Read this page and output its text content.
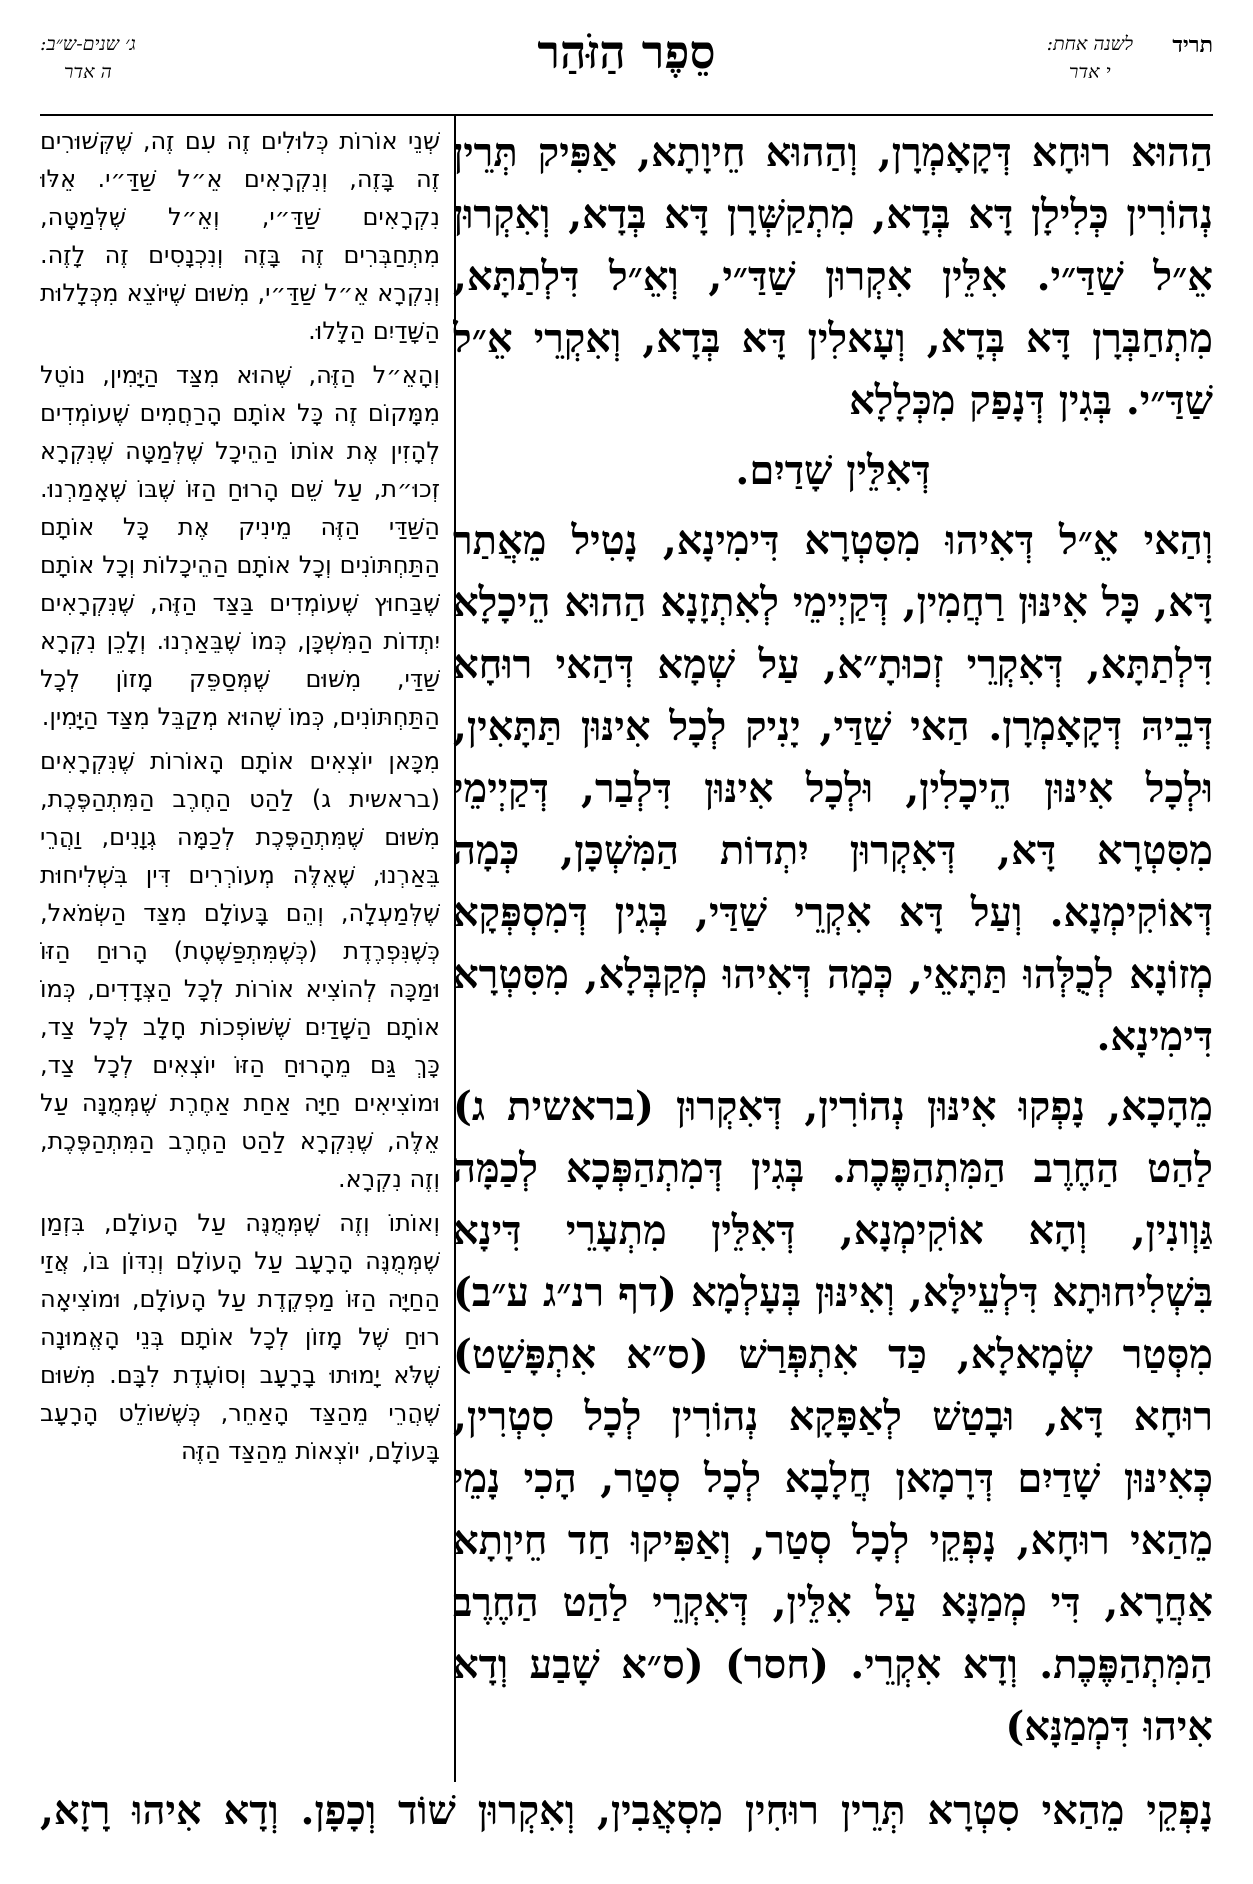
תריד
לשנה אחת:
י אדר
סֵפֶר הַזֹּהַר
ג׳ שנים-ש״ב:
ה אדר

הַהוּא רוּחָא דְּקָאָמְרָן, וְהַהוּא חֵיוָתָא, אַפִּיק תְּרֵין נְהוֹרִין כְּלִילָן דָּא בְּדָא, מִתְקַשְּׁרָן דָּא בְּדָא, וְאִקְרוּן אֵ״ל שַׁדַּ״י. אִלֵּין אִקְרוּן שַׁדַּ״י, וְאֵ״ל דִּלְתַתָּא, מִתְחַבְּרָן דָּא בְּדָא, וְעָאלִין דָּא בְּדָא, וְאִקְרֵי אֵ״ל שַׁדַּ״י. בְּגִין דְּנָפַק מִכְּלָלָא

דְּאִלֵּין שָׁדַיִם.

וְהַאי אֵ״ל דְּאִיהוּ מִסִּטְרָא דִּימִינָא, נָטִיל מֵאֲתַר דָּא, כָּל אִינּוּן רַחֲמִין, דְּקַיְימֵי לְאִתְזָנָא הַהוּא הֵיכָלָא דִּלְתַתָּא, דְּאִקְרֵי זְכוּתָ״א, עַל שְׁמָא דְּהַאי רוּחָא דְּבֵיהּ דְּקָאָמְרָן. הַאי שַׁדַּי, יָנִיק לְכָל אִינּוּן תַּתָּאִין, וּלְכָל אִינּוּן הֵיכָלִין, וּלְכָל אִינּוּן דִּלְבַר, דְּקַיְימֵי מִסִּטְרָא דָּא, דְּאִקְרוּן יִתְדוֹת הַמִּשְׁכָּן, כְּמָה דְּאוֹקִימְנָא. וְעַל דָּא אִקְרֵי שַׁדַּי, בְּגִין דְּמִסְפְּקָא מְזוֹנָא לְכֻלְּהוּ תַּתָּאֵי, כְּמָה דְּאִיהוּ מְקַבְּלָא, מִסִּטְרָא דִּימִינָא.

מֵהָכָא, נָפְקוּ אִינּוּן נְהוֹרִין, דְּאִקְרוּן (בראשית ג) לַהַט הַחֶרֶב הַמִּתְהַפֶּכֶת. בְּגִין דְּמִתְהַפְּכָא לְכַמָּה גַּוְונִין, וְהָא אוֹקִימְנָא, דְּאִלֵּין מִתְעָרֵי דִּינָא בִּשְׁלִיחוּתָא דִּלְעֵילָּא, וְאִינּוּן בְּעָלְמָא (דף רנ״ג ע״ב) מִסְּטַר שְׂמָאלָא, כַּד אִתְפְּרַשׁ (ס״א אִתְפָּשַׁט) רוּחָא דָּא, וּבָטַשׁ לְאַפָּקָא נְהוֹרִין לְכָל סִטְרִין, כְּאִינּוּן שָׁדַיִם דְּרָמָאן חֲלָבָא לְכָל סְטַר, הָכִי נָמֵי מֵהַאי רוּחָא, נָפְקֵי לְכָל סְטַר, וְאַפִּיקוּ חַד חֵיוָתָא אַחֲרָא, דִּי מְמַנָּא עַל אִלֵּין, דְּאִקְרֵי לַהַט הַחֶרֶב הַמִּתְהַפֶּכֶת. וְדָא אִקְרֵי. (חסר) (ס״א שָׁבַע וְדָא אִיהוּ דִּמְמַנָּא)

שְׁנֵי אוֹרוֹת כְּלוּלִים זֶה עִם זֶה, שֶׁקְּשׁוּרִים זֶה בָּזֶה, וְנִקְרָאִים אֵ״ל שַׁדַּ״י. אֵלּוּ נִקְרָאִים שַׁדַּ״י, וְאֵ״ל שֶׁלְּמַטָּה, מִתְחַבְּרִים זֶה בָּזֶה וְנִכְנָסִים זֶה לָזֶה. וְנִקְרָא אֵ״ל שַׁדַּ״י, מִשּׁוּם שֶׁיּוֹצֵא מִכְּלָלוּת הַשָּׁדַיִם הַלָּלוּ.

וְהָאֵ״ל הַזֶּה, שֶׁהוּא מִצַּד הַיָּמִין, נוֹטֵל מִמָּקוֹם זֶה כָּל אוֹתָם הָרַחֲמִים שֶׁעוֹמְדִים לְהָזִין אֶת אוֹתוֹ הַהֵיכָל שֶׁלְּמַטָּה שֶׁנִּקְרָא זְכוּ״ת, עַל שֵׁם הָרוּחַ הַזּוֹ שֶׁבּוֹ שֶׁאָמַרְנוּ. הַשַּׁדַּי הַזֶּה מֵינִיק אֶת כָּל אוֹתָם הַתַּחְתּוֹנִים וְכָל אוֹתָם הַהֵיכָלוֹת וְכָל אוֹתָם שֶׁבַּחוּץ שֶׁעוֹמְדִים בַּצַּד הַזֶּה, שֶׁנִּקְרָאִים יִתְדוֹת הַמִּשְׁכָּן, כְּמוֹ שֶׁבֵּאַרְנוּ. וְלָכֵן נִקְרָא שַׁדַּי, מִשּׁוּם שֶׁמְּסַפֵּק מָזוֹן לְכָל הַתַּחְתּוֹנִים, כְּמוֹ שֶׁהוּא מְקַבֵּל מִצַּד הַיָּמִין.

מִכָּאן יוֹצְאִים אוֹתָם הָאוֹרוֹת שֶׁנִּקְרָאִים (בראשית ג) לַהַט הַחֶרֶב הַמִּתְהַפֶּכֶת, מִשּׁוּם שֶׁמִּתְהַפֶּכֶת לְכַמָּה גְוָנִים, וַהֲרֵי בֵּאַרְנוּ, שֶׁאֵלֶּה מְעוֹרְרִים דִּין בִּשְׁלִיחוּת שֶׁלְּמַעְלָה, וְהֵם בָּעוֹלָם מִצַּד הַשְּׂמֹאל, כְּשֶׁנִּפְרֶדֶת (כְּשֶׁמִּתְפַּשֶּׁטֶת) הָרוּחַ הַזּוֹ וּמַכָּה לְהוֹצִיא אוֹרוֹת לְכָל הַצְּדָדִים, כְּמוֹ אוֹתָם הַשָּׁדַיִם שֶׁשּׁוֹפְכוֹת חָלָב לְכָל צַד, כָּךְ גַּם מֵהָרוּחַ הַזּוֹ יוֹצְאִים לְכָל צַד, וּמוֹצִיאִים חַיָּה אַחַת אַחֶרֶת שֶׁמְּמֻנָּה עַל אֵלֶּה, שֶׁנִּקְרָא לַהַט הַחֶרֶב הַמִּתְהַפֶּכֶת, וְזֶה נִקְרָא.

וְאוֹתוֹ וְזֶה שֶׁמְּמֻנֶּה עַל הָעוֹלָם, בִּזְמַן שֶׁמְּמֻנֶּה הָרָעָב עַל הָעוֹלָם וְנִדּוֹן בּוֹ, אֲזַי הַחַיָּה הַזּוֹ מַפְקֶדֶת עַל הָעוֹלָם, וּמוֹצִיאָה רוּחַ שֶׁל מָזוֹן לְכָל אוֹתָם בְּנֵי הָאֱמוּנָה שֶׁלֹּא יָמוּתוּ בָרָעָב וְסוֹעֶדֶת לִבָּם. מִשּׁוּם שֶׁהֲרֵי מֵהַצַּד הָאַחֵר, כְּשֶׁשּׁוֹלֵט הָרָעָב בָּעוֹלָם, יוֹצְאוֹת מֵהַצַּד הַזֶּה

נָפְקֵי מֵהַאי סִטְרָא תְּרֵין רוּחִין מִסְאֲבִין, וְאִקְרוּן שׁוֹד וְכָפָן. וְדָא אִיהוּ רָזָא,
